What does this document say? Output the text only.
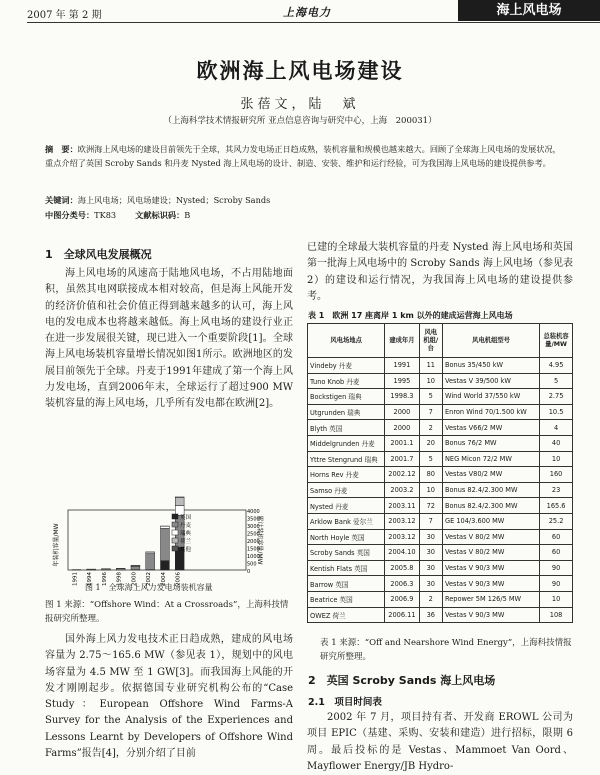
2007 年 第 2 期	上海电力	海上风电场
欧洲海上风电场建设
张蓓文，陆　斌
（上海科学技术情报研究所 亚点信息咨询与研究中心，上海　200031）
摘　要：欧洲海上风电场的建设目前领先于全球，其风力发电场正日趋成熟，装机容量和规模也越来越大。回顾了全球海上风电场的发展状况，重点介绍了英国 Scroby Sands 和丹麦 Nysted 海上风电场的设计、制造、安装、维护和运行经验，可为我国海上风电场的建设提供参考。
关键词：海上风电场；风电场建设；Nysted；Scroby Sands
中图分类号：TK83    文献标识码：B
1　全球风电发展概况

海上风电场的风速高于陆地风电场，不占用陆地面积，虽然其电网联接成本相对较高，但是海上风能开发的经济价值和社会价值正得到越来越多的认可，海上风电的发电成本也将越来越低。海上风电场的建设行业正在进一步发展很关键，现已进入一个重要阶段[1]。全球海上风电场装机容量增长情况如图1所示。欧洲地区的发展目前领先于全球。丹麦于1991年建成了第一个海上风力发电场，直到2006年末，全球运行了超过900 MW装机容量的海上风电场，几乎所有发电都在欧洲[2]。

年装机容量/MW
1991 1994 1996 1998 2000 2002 2004 2006
4000
3500
3000
2500
2000
1500
1000
500
0
英国
丹麦
瑞典
荷兰
其他	累计装机容量/MW
图 1　全球海上风力发电场装机容量
图 1 来源：“Offshore Wind：At a Crossroads”，上海科技情报研究所整理。

国外海上风力发电技术正日趋成熟，建成的风电场容量为 2.75～165.6 MW（参见表 1），规划中的风电场容量为 4.5 MW 至 1 GW[3]。而我国海上风能的开发才刚刚起步。依据德国专业研究机构公布的“Case Study：European Offshore Wind Farms-A Survey for the Analysis of the Experiences and Lessons Learnt by Developers of Offshore Wind Farms”报告[4]，分别介绍了目前

已建的全球最大装机容量的丹麦 Nysted 海上风电场和英国第一批海上风电场中的 Scroby Sands 海上风电场（参见表 2）的建设和运行情况，为我国海上风电场的建设提供参考。

表 1　欧洲 17 座离岸 1 km 以外的建成运营海上风电场
风电场地点	建成年月	风电机组/台	风电机组型号	总装机容量/MW
Vindeby 丹麦	1991	11	Bonus 35/450 kW	4.95
Tuno Knob 丹麦	1995	10	Vestas V 39/500 kW	5
Bockstigen 瑞典	1998.3	5	Wind World 37/550 kW	2.75
Utgrunden 瑞典	2000	7	Enron Wind 70/1.500 kW	10.5
Blyth 英国	2000	2	Vestas V66/2 MW	4
Middelgrunden 丹麦	2001.1	20	Bonus 76/2 MW	40
Yttre Stengrund 瑞典	2001.7	5	NEG Micon 72/2 MW	10
Horns Rev 丹麦	2002.12	80	Vestas V80/2 MW	160
Samso 丹麦	2003.2	10	Bonus 82.4/2.300 MW	23
Nysted 丹麦	2003.11	72	Bonus 82.4/2.300 MW	165.6
Arklow Bank 爱尔兰	2003.12	7	GE 104/3.600 MW	25.2
North Hoyle 英国	2003.12	30	Vestas V 80/2 MW	60
Scroby Sands 英国	2004.10	30	Vestas V 80/2 MW	60
Kentish Flats 英国	2005.8	30	Vestas V 90/3 MW	90
Barrow 英国	2006.3	30	Vestas V 90/3 MW	90
Beatrice 英国	2006.9	2	Repower 5M 126/5 MW	10
OWEZ 荷兰	2006.11	36	Vestas V 90/3 MW	108
表 1 来源：“Off and Nearshore Wind Energy”，上海科技情报研究所整理。
2　英国 Scroby Sands 海上风电场
2.1　项目时间表

2002 年 7 月，项目持有者、开发商 EROWL 公司为项目 EPIC（基建、采购、安装和建造）进行招标，限期 6 周。最后投标的是 Vestas、Mammoet Van Oord、Mayflower Energy/JB Hydro-
